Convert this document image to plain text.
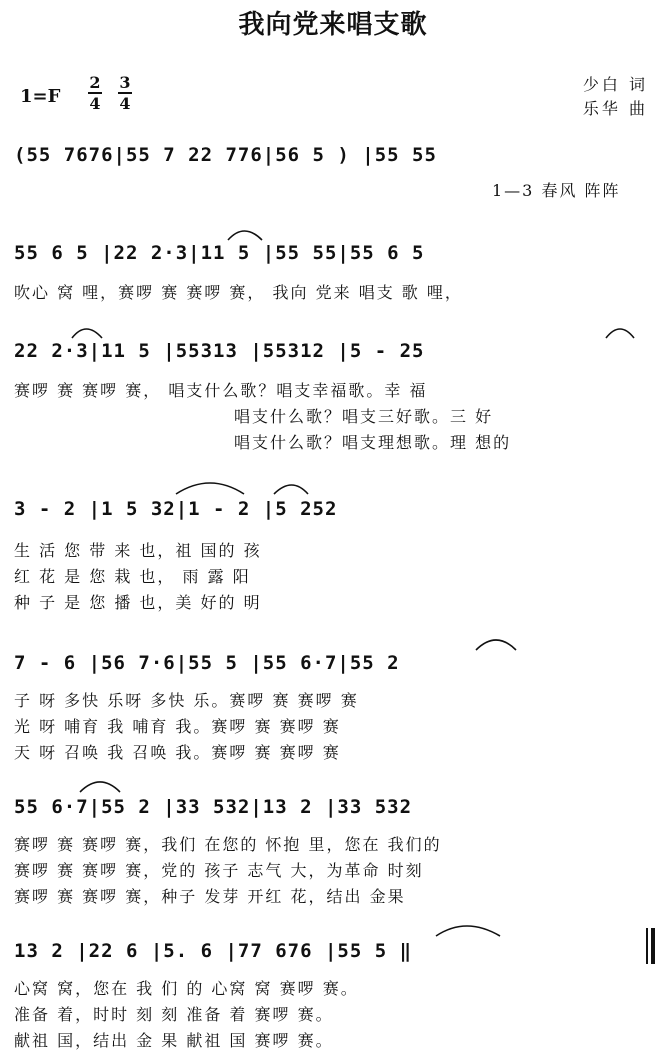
我向党来唱支歌
1=F
2
4
3
4
少白 词
乐华 曲
(55 7676|55 7 22 776|56 5 ) |55 55
1—3 春风 阵阵
55 6 5 |22 2·3|11 5 |55 55|55 6 5
吹心 窝 哩，赛啰 赛 赛啰 赛， 我向 党来 唱支 歌 哩，
22 2·3|11 5 |55313 |55312 |5 - 25
赛啰 赛 赛啰 赛， 唱支什么歌？唱支幸福歌。幸 福
唱支什么歌？唱支三好歌。三 好
唱支什么歌？唱支理想歌。理 想的
3 - 2 |1 5 32|1 - 2 |5 252
生 活 您 带 来 也，祖 国的 孩
红 花 是 您 栽 也， 雨 露 阳
种 子 是 您 播 也，美 好的 明
7 - 6 |56 7·6|55 5 |55 6·7|55 2
子 呀 多快 乐呀 多快 乐。赛啰 赛 赛啰 赛
光 呀 哺育 我 哺育 我。赛啰 赛 赛啰 赛
天 呀 召唤 我 召唤 我。赛啰 赛 赛啰 赛
55 6·7|55 2 |33 532|13 2 |33 532
赛啰 赛 赛啰 赛，我们 在您的 怀抱 里，您在 我们的
赛啰 赛 赛啰 赛，党的 孩子 志气 大，为革命 时刻
赛啰 赛 赛啰 赛，种子 发芽 开红 花，结出 金果
13 2 |22 6 |5. 6 |77 676 |55 5 ‖
心窝 窝，您在 我 们 的 心窝 窝 赛啰 赛。
准备 着，时时 刻 刻 准备 着 赛啰 赛。
献祖 国，结出 金 果 献祖 国 赛啰 赛。
